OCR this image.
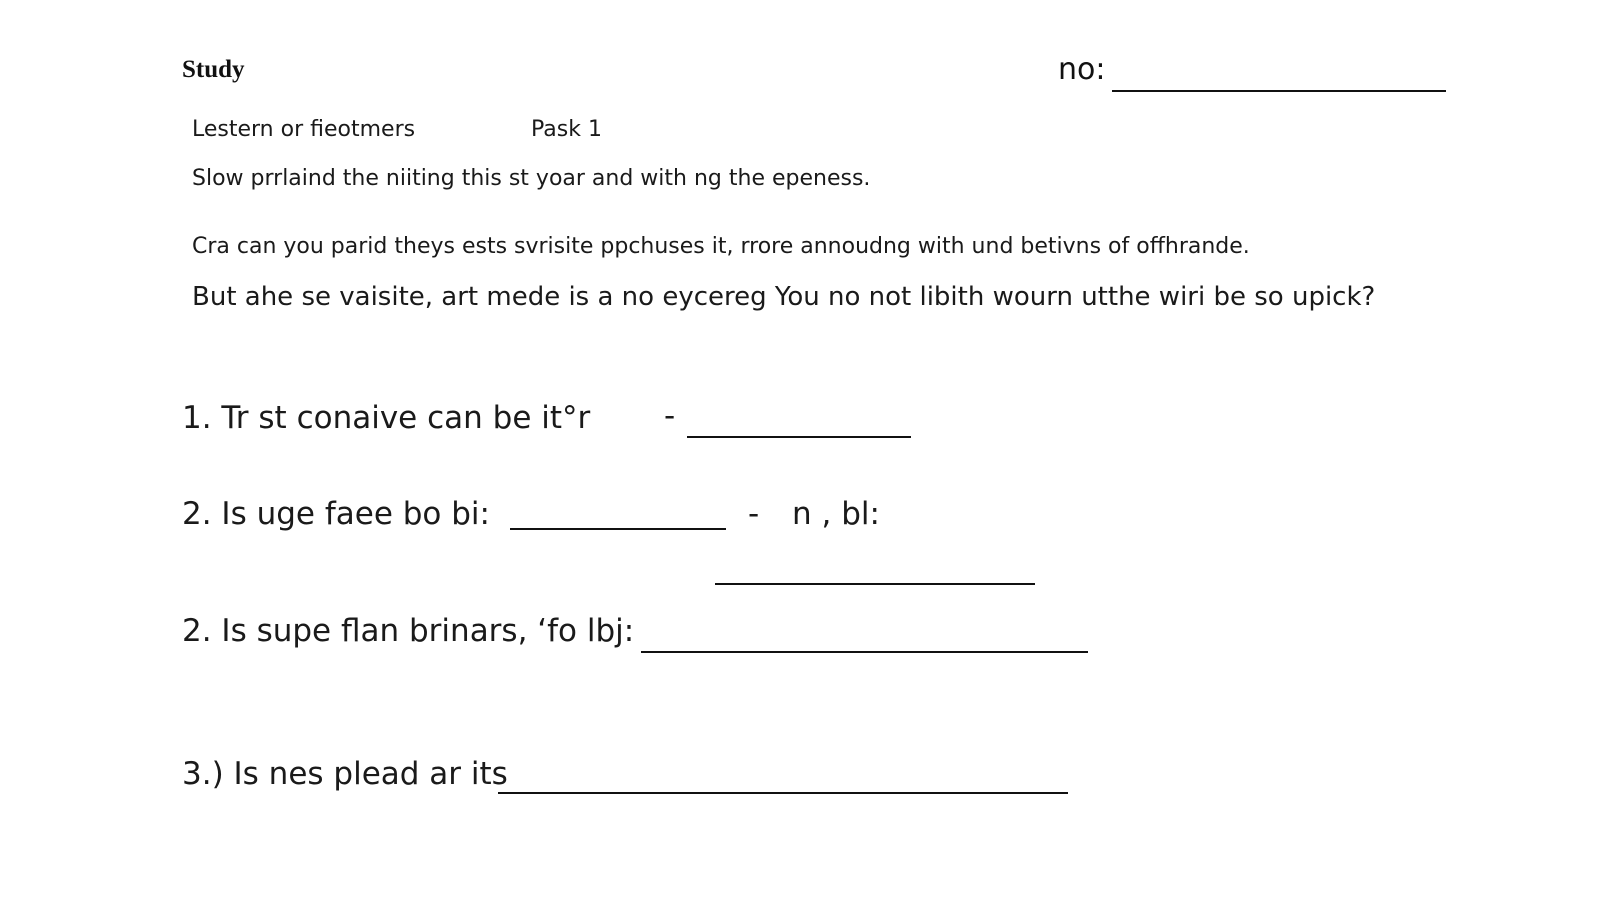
Study	no:
Lestern or fieotmers	Pask 1
Slow prrlaind the niiting this st yoar and with ng the epeness.
Cra can you parid theys ests svrisite ppchuses it, rrore annoudng with und betivns of offhrande.
But ahe se vaisite, art mede is a no eycereg You no not libith wourn utthe wiri be so upick?
1. Tr st conaive can be it°r -
2. Is uge faee bo bi:	- n , bl:
2. Is supe flan brinars, ‘fo lbj:
3.) Is nes plead ar its
